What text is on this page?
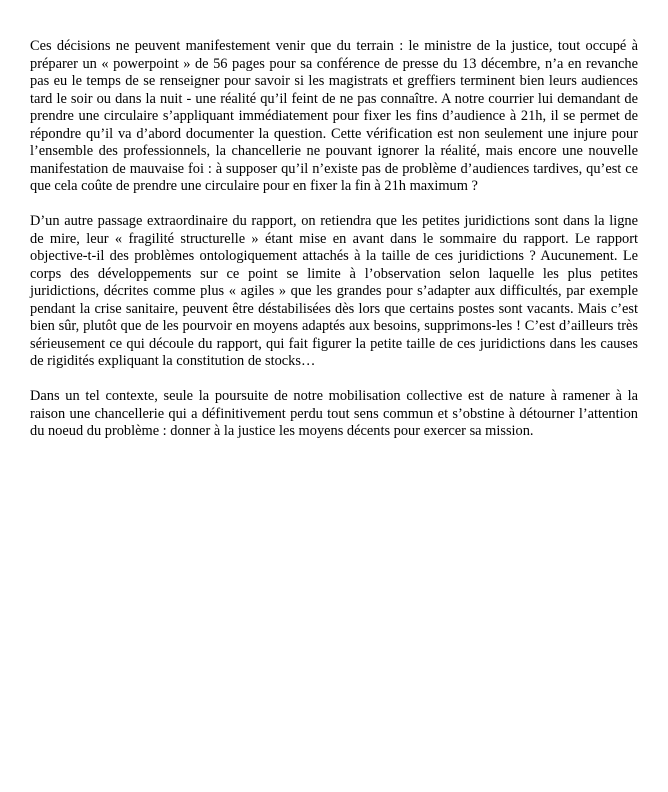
Ces décisions ne peuvent manifestement venir que du terrain : le ministre de la justice, tout occupé à préparer un « powerpoint » de 56 pages pour sa conférence de presse du 13 décembre, n’a en revanche pas eu le temps de se renseigner pour savoir si les magistrats et greffiers terminent bien leurs audiences tard le soir ou dans la nuit - une réalité qu’il feint de ne pas connaître. A notre courrier lui demandant de prendre une circulaire s’appliquant immédiatement pour fixer les fins d’audience à 21h, il se permet de répondre qu’il va d’abord documenter la question. Cette vérification est non seulement une injure pour l’ensemble des professionnels, la chancellerie ne pouvant ignorer la réalité, mais encore une nouvelle manifestation de mauvaise foi : à supposer qu’il n’existe pas de problème d’audiences tardives, qu’est ce que cela coûte de prendre une circulaire pour en fixer la fin à 21h maximum ?

D’un autre passage extraordinaire du rapport, on retiendra que les petites juridictions sont dans la ligne de mire, leur « fragilité structurelle » étant mise en avant dans le sommaire du rapport. Le rapport objective-t-il des problèmes ontologiquement attachés à la taille de ces juridictions ? Aucunement. Le corps des développements sur ce point se limite à l’observation selon laquelle les plus petites juridictions, décrites comme plus « agiles » que les grandes pour s’adapter aux difficultés, par exemple pendant la crise sanitaire, peuvent être déstabilisées dès lors que certains postes sont vacants. Mais c’est bien sûr, plutôt que de les pourvoir en moyens adaptés aux besoins, supprimons-les ! C’est d’ailleurs très sérieusement ce qui découle du rapport, qui fait figurer la petite taille de ces juridictions dans les causes de rigidités expliquant la constitution de stocks…

Dans un tel contexte, seule la poursuite de notre mobilisation collective est de nature à ramener à la raison une chancellerie qui a définitivement perdu tout sens commun et s’obstine à détourner l’attention du noeud du problème : donner à la justice les moyens décents pour exercer sa mission.
